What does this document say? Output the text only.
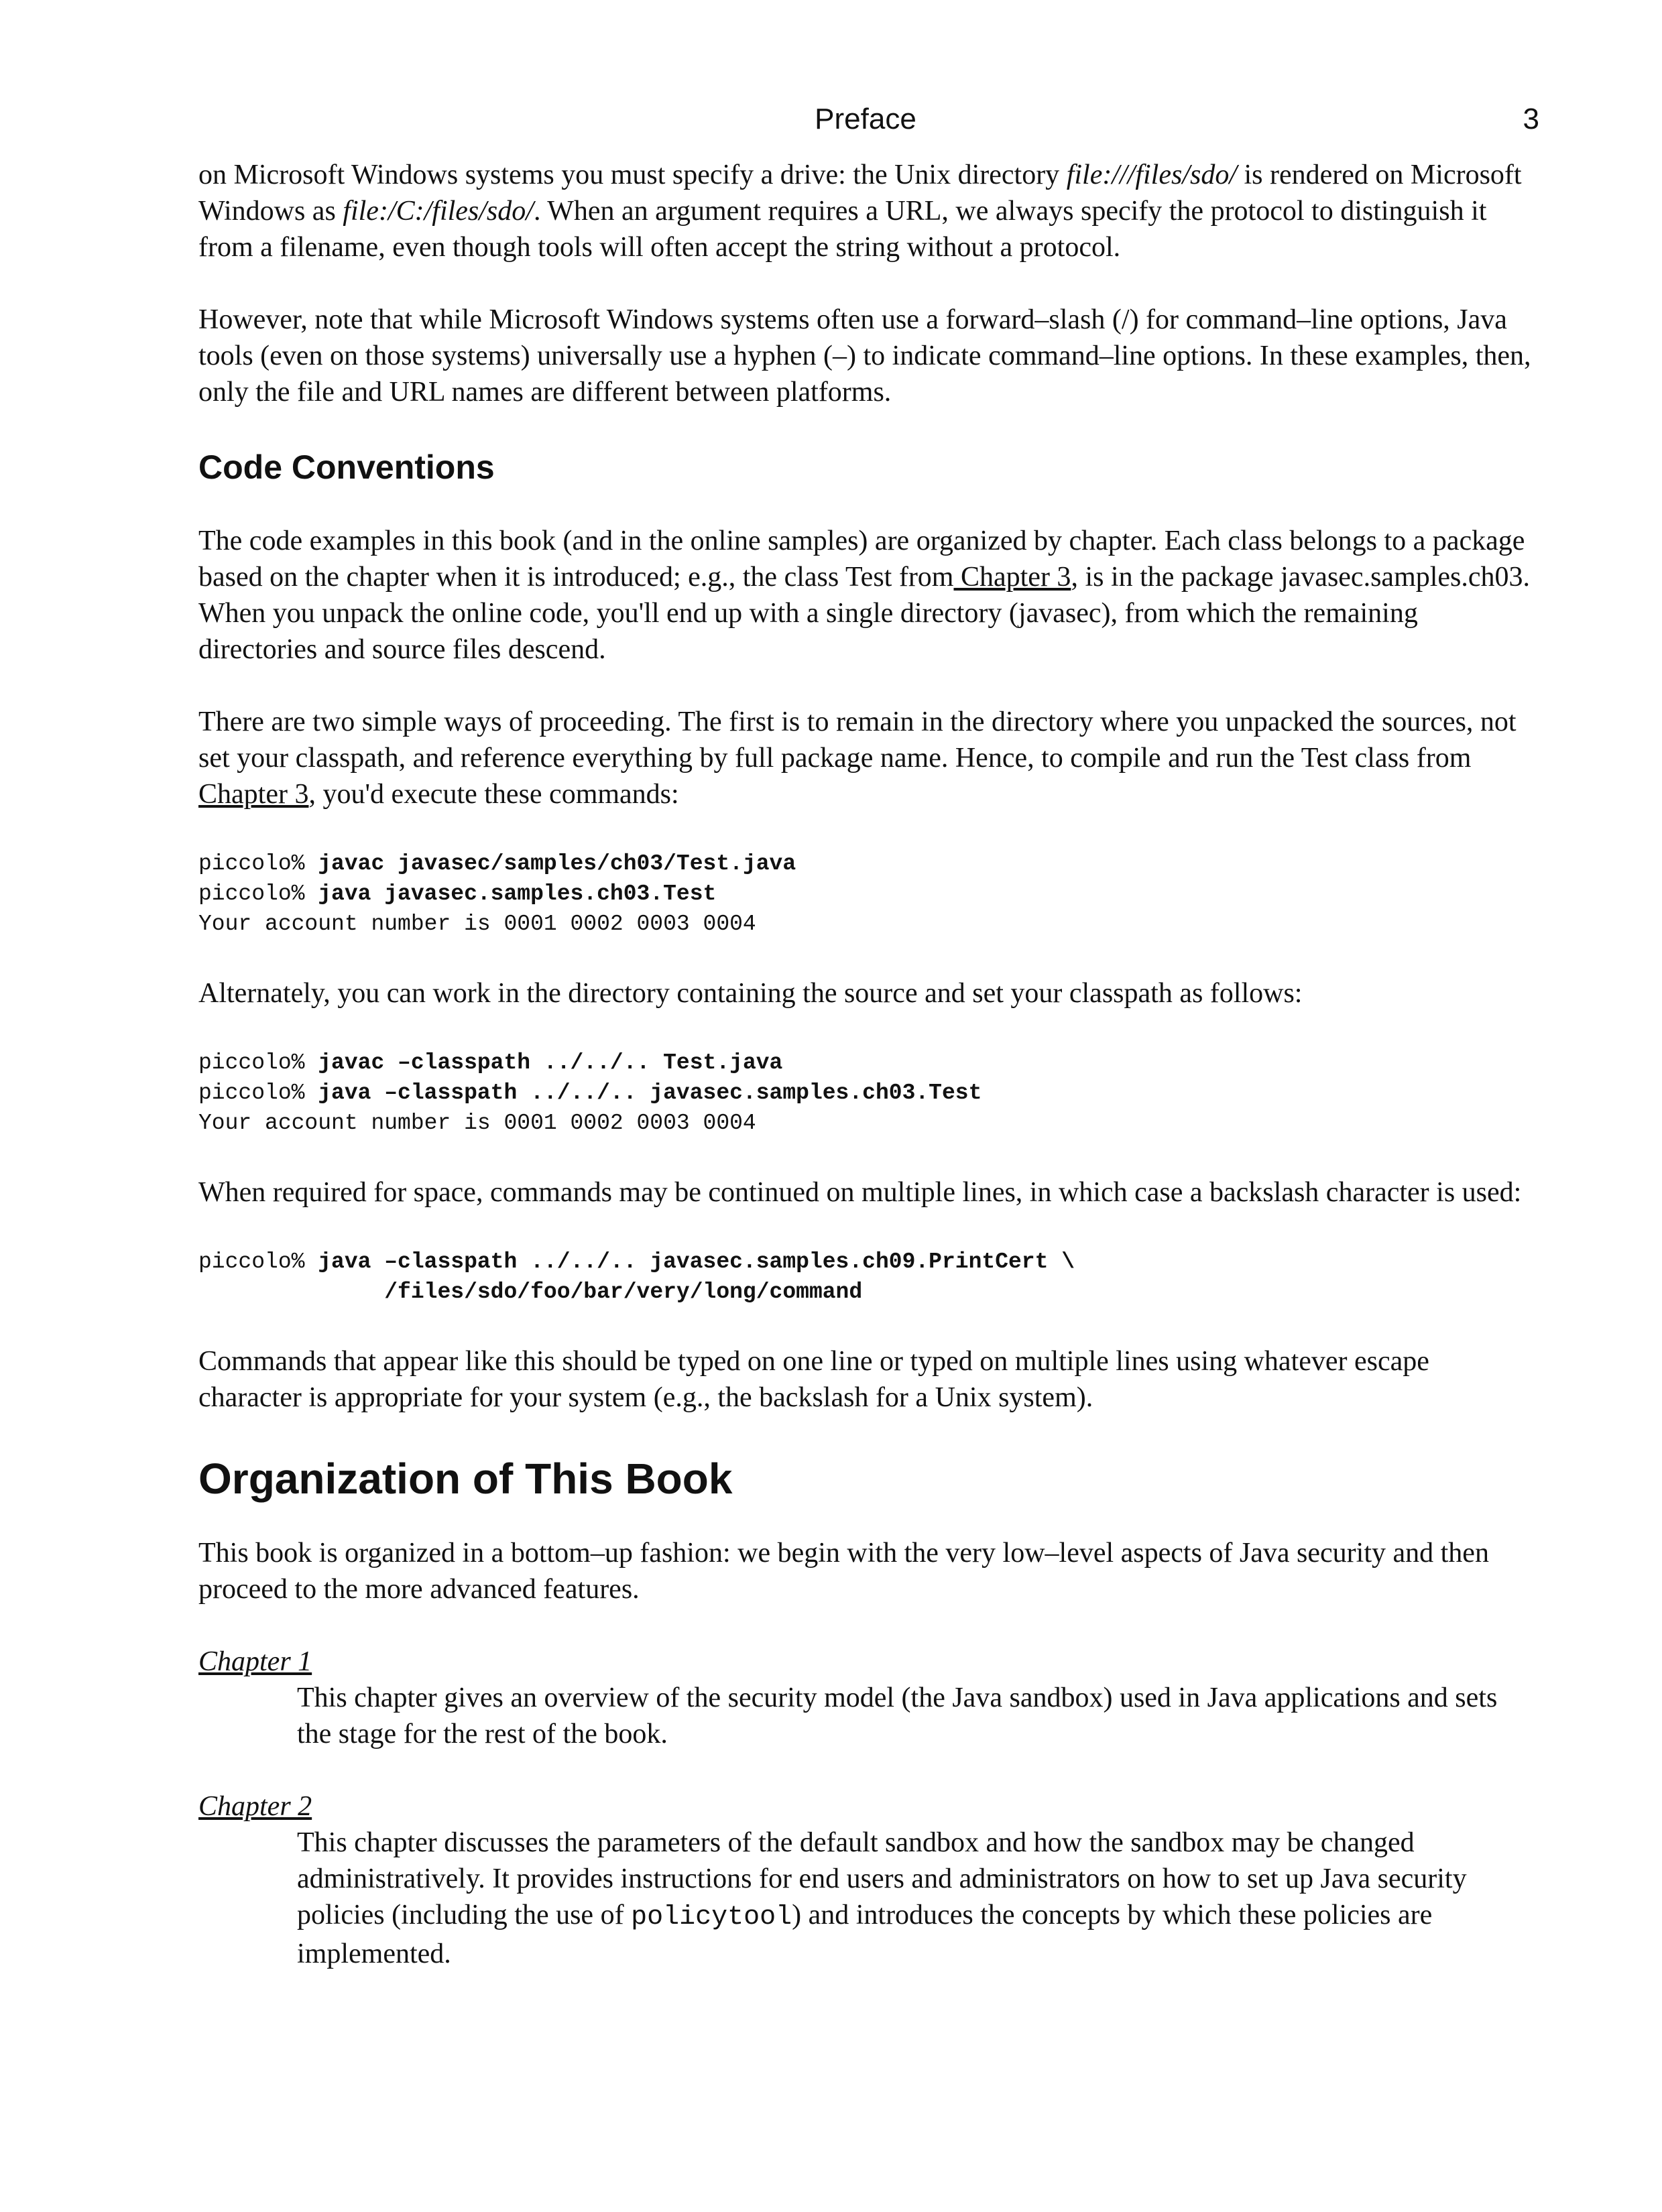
Preface	3

on Microsoft Windows systems you must specify a drive: the Unix directory file:///files/sdo/ is rendered on Microsoft Windows as file:/C:/files/sdo/. When an argument requires a URL, we always specify the protocol to distinguish it from a filename, even though tools will often accept the string without a protocol.

However, note that while Microsoft Windows systems often use a forward–slash (/) for command–line options, Java tools (even on those systems) universally use a hyphen (–) to indicate command–line options. In these examples, then, only the file and URL names are different between platforms.

Code Conventions

The code examples in this book (and in the online samples) are organized by chapter. Each class belongs to a package based on the chapter when it is introduced; e.g., the class Test from Chapter 3, is in the package javasec.samples.ch03. When you unpack the online code, you'll end up with a single directory (javasec), from which the remaining directories and source files descend.

There are two simple ways of proceeding. The first is to remain in the directory where you unpacked the sources, not set your classpath, and reference everything by full package name. Hence, to compile and run the Test class from Chapter 3, you'd execute these commands:

piccolo% javac javasec/samples/ch03/Test.java
piccolo% java javasec.samples.ch03.Test
Your account number is 0001 0002 0003 0004

Alternately, you can work in the directory containing the source and set your classpath as follows:

piccolo% javac –classpath ../../.. Test.java
piccolo% java –classpath ../../.. javasec.samples.ch03.Test
Your account number is 0001 0002 0003 0004

When required for space, commands may be continued on multiple lines, in which case a backslash character is used:

piccolo% java –classpath ../../.. javasec.samples.ch09.PrintCert \
/files/sdo/foo/bar/very/long/command

Commands that appear like this should be typed on one line or typed on multiple lines using whatever escape character is appropriate for your system (e.g., the backslash for a Unix system).

Organization of This Book

This book is organized in a bottom–up fashion: we begin with the very low–level aspects of Java security and then proceed to the more advanced features.

Chapter 1

This chapter gives an overview of the security model (the Java sandbox) used in Java applications and sets the stage for the rest of the book.

Chapter 2

This chapter discusses the parameters of the default sandbox and how the sandbox may be changed administratively. It provides instructions for end users and administrators on how to set up Java security policies (including the use of policytool) and introduces the concepts by which these policies are implemented.
